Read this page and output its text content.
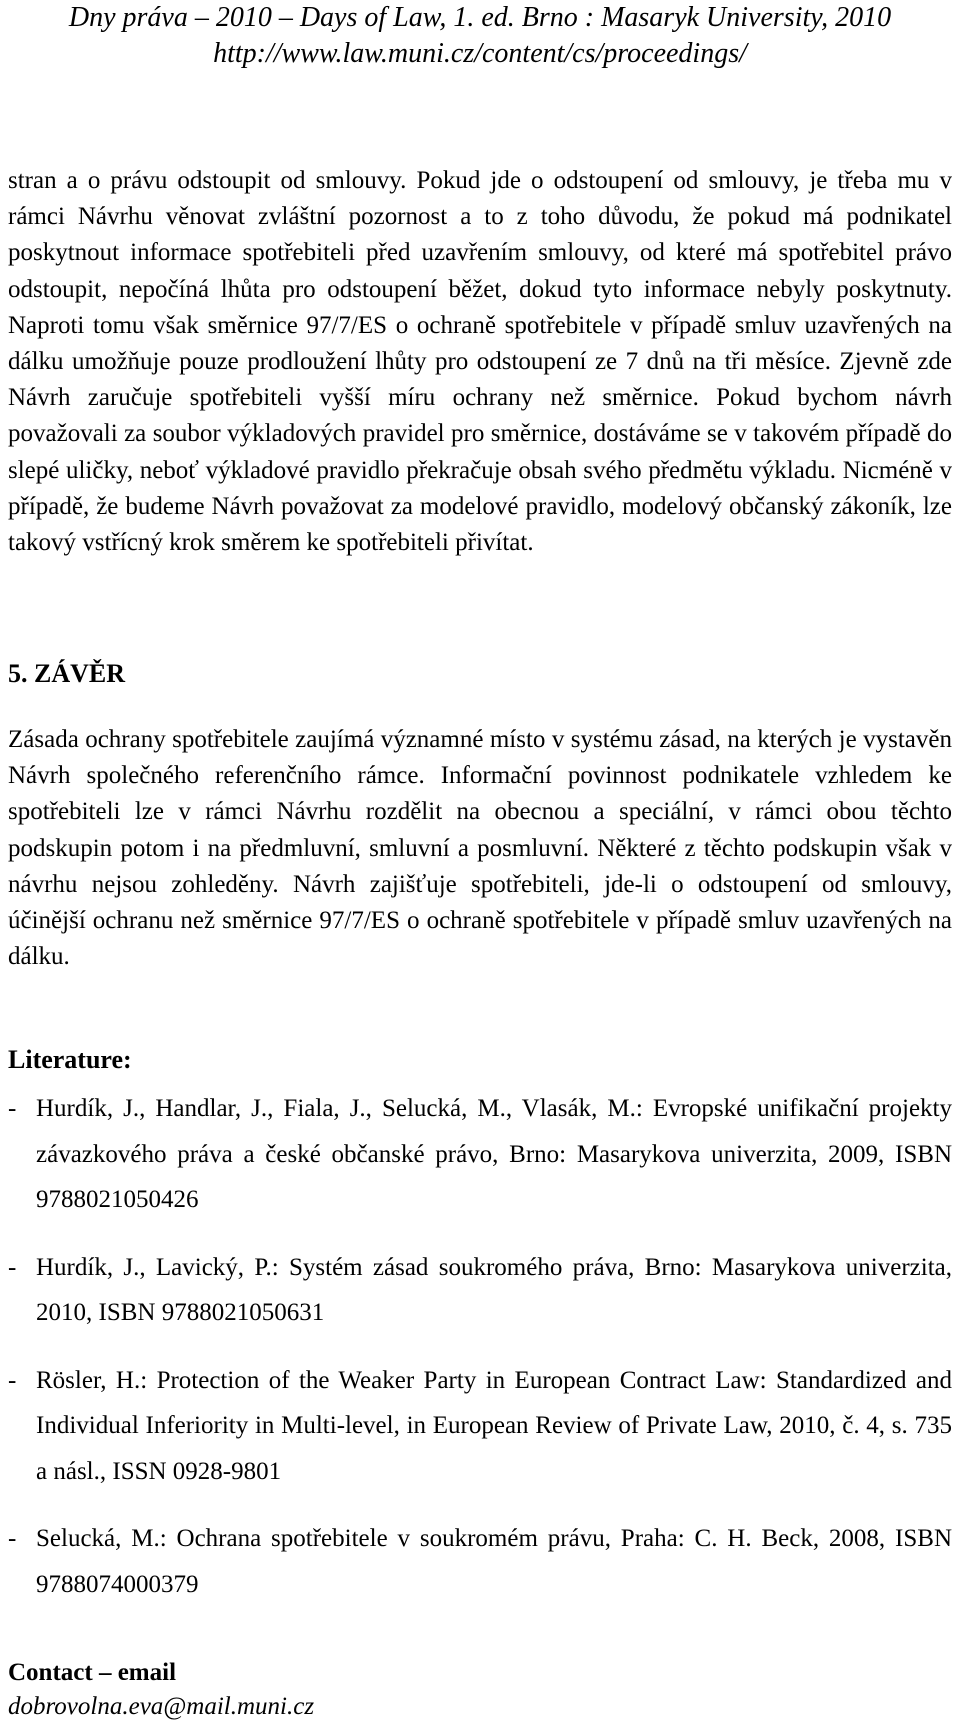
Dny práva – 2010 – Days of Law, 1. ed. Brno : Masaryk University, 2010
http://www.law.muni.cz/content/cs/proceedings/

stran a o právu odstoupit od smlouvy. Pokud jde o odstoupení od smlouvy, je třeba mu v rámci Návrhu věnovat zvláštní pozornost a to z toho důvodu, že pokud má podnikatel poskytnout informace spotřebiteli před uzavřením smlouvy, od které má spotřebitel právo odstoupit, nepočíná lhůta pro odstoupení běžet, dokud tyto informace nebyly poskytnuty. Naproti tomu však směrnice 97/7/ES o ochraně spotřebitele v případě smluv uzavřených na dálku umožňuje pouze prodloužení lhůty pro odstoupení ze 7 dnů na tři měsíce. Zjevně zde Návrh zaručuje spotřebiteli vyšší míru ochrany než směrnice. Pokud bychom návrh považovali za soubor výkladových pravidel pro směrnice, dostáváme se v takovém případě do slepé uličky, neboť výkladové pravidlo překračuje obsah svého předmětu výkladu. Nicméně v případě, že budeme Návrh považovat za modelové pravidlo, modelový občanský zákoník, lze takový vstřícný krok směrem ke spotřebiteli přivítat.

5. ZÁVĚR

Zásada ochrany spotřebitele zaujímá významné místo v systému zásad, na kterých je vystavěn Návrh společného referenčního rámce. Informační povinnost podnikatele vzhledem ke spotřebiteli lze v rámci Návrhu rozdělit na obecnou a speciální, v rámci obou těchto podskupin potom i na předmluvní, smluvní a posmluvní. Některé z těchto podskupin však v návrhu nejsou zohleděny. Návrh zajišťuje spotřebiteli, jde-li o odstoupení od smlouvy, účinější ochranu než směrnice 97/7/ES o ochraně spotřebitele v případě smluv uzavřených na dálku.

Literature:
- Hurdík, J., Handlar, J., Fiala, J., Selucká, M., Vlasák, M.: Evropské unifikační projekty závazkového práva a české občanské právo, Brno: Masarykova univerzita, 2009, ISBN 9788021050426
- Hurdík, J., Lavický, P.: Systém zásad soukromého práva, Brno: Masarykova univerzita, 2010, ISBN 9788021050631
- Rösler, H.: Protection of the Weaker Party in European Contract Law: Standardized and Individual Inferiority in Multi-level, in European Review of Private Law, 2010, č. 4, s. 735 a násl., ISSN 0928-9801
- Selucká, M.: Ochrana spotřebitele v soukromém právu, Praha: C. H. Beck, 2008, ISBN 9788074000379
Contact – email
dobrovolna.eva@mail.muni.cz
